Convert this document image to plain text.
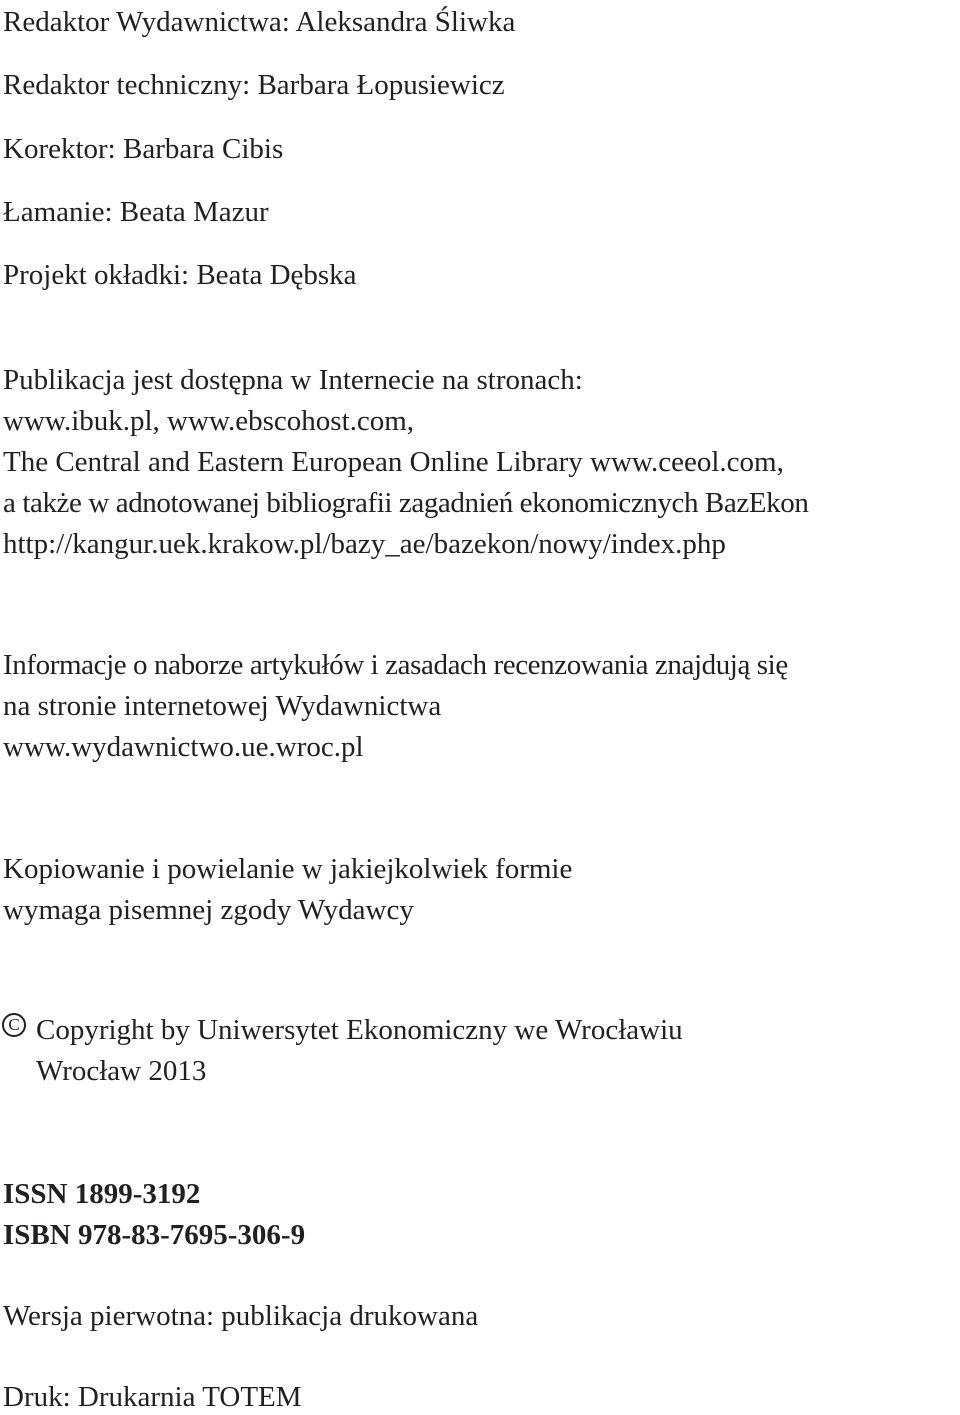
Redaktor Wydawnictwa: Aleksandra Śliwka

Redaktor techniczny: Barbara Łopusiewicz

Korektor: Barbara Cibis

Łamanie: Beata Mazur

Projekt okładki: Beata Dębska

Publikacja jest dostępna w Internecie na stronach:

www.ibuk.pl, www.ebscohost.com,

The Central and Eastern European Online Library www.ceeol.com,

a także w adnotowanej bibliografii zagadnień ekonomicznych BazEkon

http://kangur.uek.krakow.pl/bazy_ae/bazekon/nowy/index.php

Informacje o naborze artykułów i zasadach recenzowania znajdują się

na stronie internetowej Wydawnictwa

www.wydawnictwo.ue.wroc.pl

Kopiowanie i powielanie w jakiejkolwiek formie

wymaga pisemnej zgody Wydawcy

C Copyright by Uniwersytet Ekonomiczny we Wrocławiu

Wrocław 2013

ISSN 1899-3192

ISBN 978-83-7695-306-9

Wersja pierwotna: publikacja drukowana

Druk: Drukarnia TOTEM
